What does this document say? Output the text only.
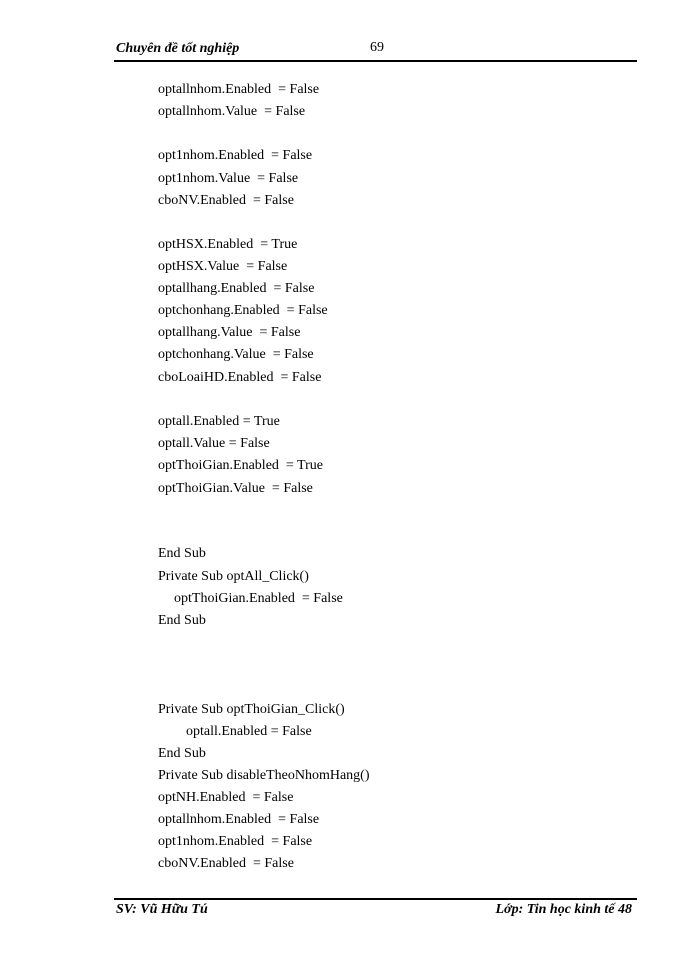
Chuyên đề tốt nghiệp	69
optallnhom.Enabled  = False
optallnhom.Value  = False
opt1nhom.Enabled  = False
opt1nhom.Value  = False
cboNV.Enabled  = False
optHSX.Enabled  = True
optHSX.Value  = False
optallhang.Enabled  = False
optchonhang.Enabled  = False
optallhang.Value  = False
optchonhang.Value  = False
cboLoaiHD.Enabled  = False
optall.Enabled = True
optall.Value = False
optThoiGian.Enabled  = True
optThoiGian.Value  = False
End Sub
Private Sub optAll_Click()
optThoiGian.Enabled  = False
End Sub
Private Sub optThoiGian_Click()
optall.Enabled = False
End Sub
Private Sub disableTheoNhomHang()
optNH.Enabled  = False
optallnhom.Enabled  = False
opt1nhom.Enabled  = False
cboNV.Enabled  = False
SV: Vũ Hữu Tú	Lớp: Tin học kinh tế 48
